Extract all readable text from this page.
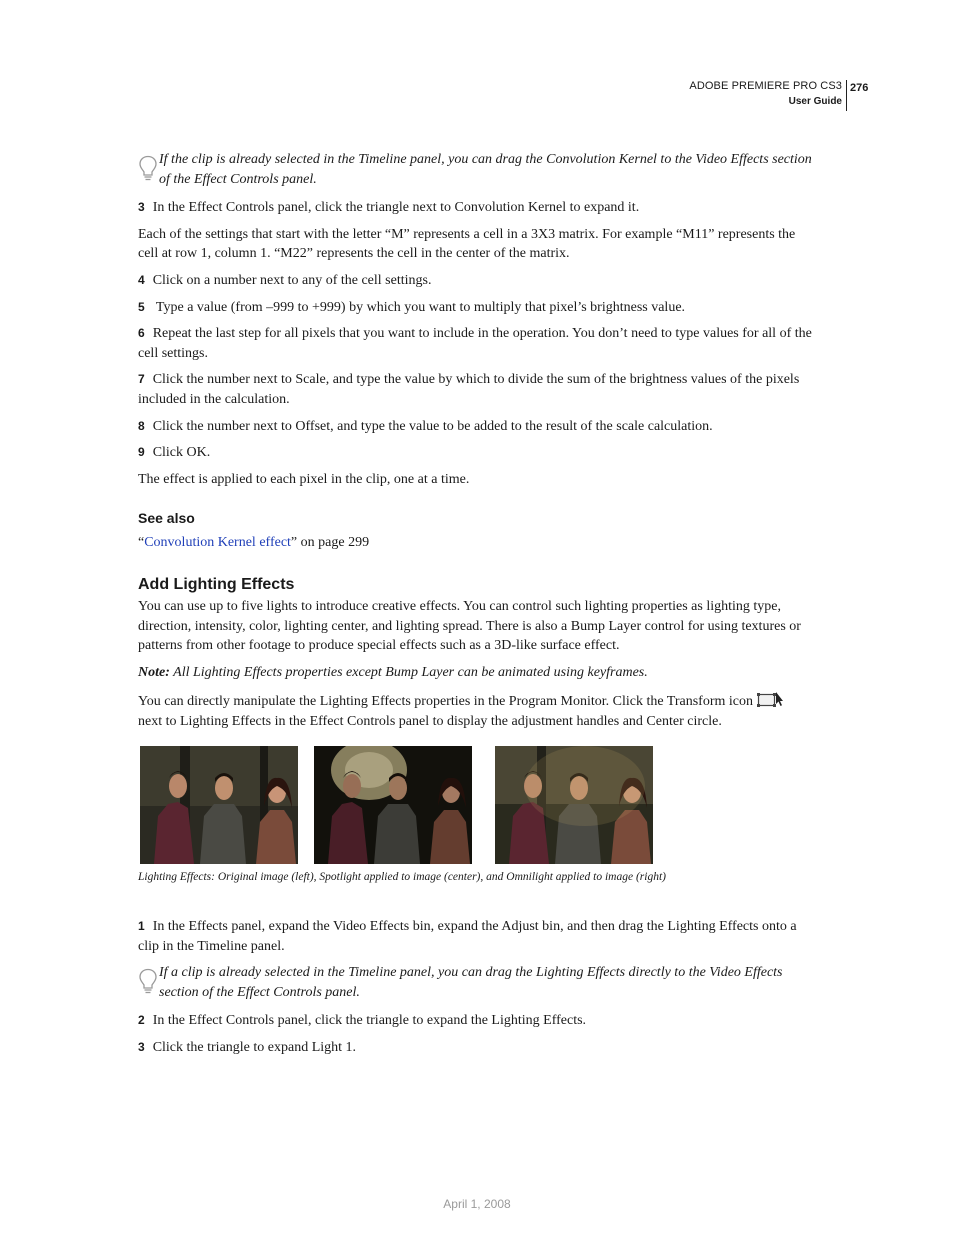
ADOBE PREMIERE PRO CS3
User Guide
276

If the clip is already selected in the Timeline panel, you can drag the Convolution Kernel to the Video Effects section of the Effect Controls panel.

3 In the Effect Controls panel, click the triangle next to Convolution Kernel to expand it.

Each of the settings that start with the letter “M” represents a cell in a 3X3 matrix. For example “M11” represents the cell at row 1, column 1. “M22” represents the cell in the center of the matrix.

4 Click on a number next to any of the cell settings.

5 Type a value (from –999 to +999) by which you want to multiply that pixel’s brightness value.

6 Repeat the last step for all pixels that you want to include in the operation. You don’t need to type values for all of the cell settings.

7 Click the number next to Scale, and type the value by which to divide the sum of the brightness values of the pixels included in the calculation.

8 Click the number next to Offset, and type the value to be added to the result of the scale calculation.

9 Click OK.

The effect is applied to each pixel in the clip, one at a time.

See also

“Convolution Kernel effect” on page 299

Add Lighting Effects

You can use up to five lights to introduce creative effects. You can control such lighting properties as lighting type, direction, intensity, color, lighting center, and lighting spread. There is also a Bump Layer control for using textures or patterns from other footage to produce special effects such as a 3D-like surface effect.

Note: All Lighting Effects properties except Bump Layer can be animated using keyframes.

You can directly manipulate the Lighting Effects properties in the Program Monitor. Click the Transform icon
next to Lighting Effects in the Effect Controls panel to display the adjustment handles and Center circle.

Lighting Effects: Original image (left), Spotlight applied to image (center), and Omnilight applied to image (right)

1 In the Effects panel, expand the Video Effects bin, expand the Adjust bin, and then drag the Lighting Effects onto a clip in the Timeline panel.

If a clip is already selected in the Timeline panel, you can drag the Lighting Effects directly to the Video Effects section of the Effect Controls panel.

2 In the Effect Controls panel, click the triangle to expand the Lighting Effects.

3 Click the triangle to expand Light 1.

April 1, 2008
